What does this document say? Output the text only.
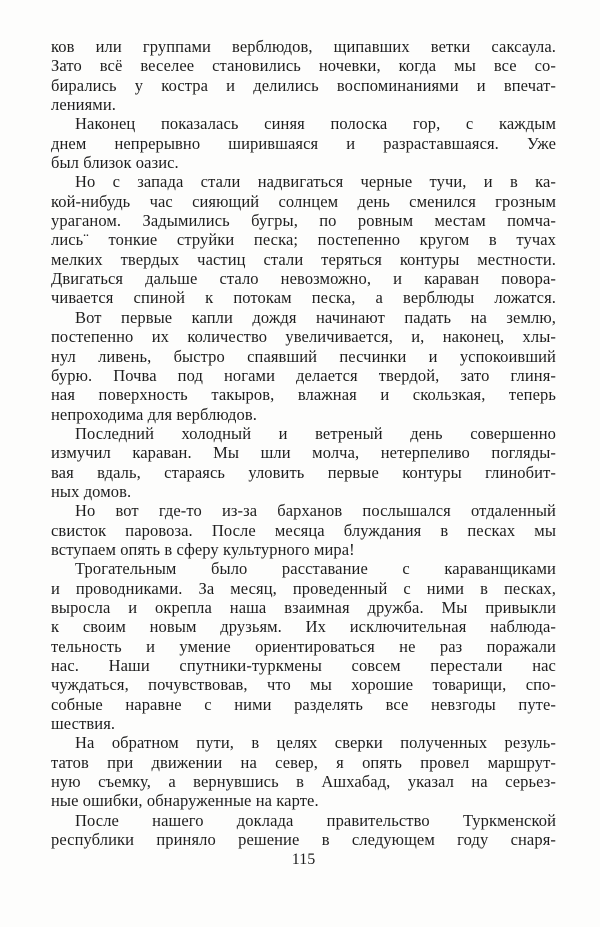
ков или группами верблюдов, щипавших ветки саксаула.
Зато всё веселее становились ночевки, когда мы все со-
бирались у костра и делились воспоминаниями и впечат-
лениями.
Наконец показалась синяя полоска гор, с каждым
днем непрерывно ширившаяся и разраставшаяся. Уже
был близок оазис.
Но с запада стали надвигаться черные тучи, и в ка-
кой-нибудь час сияющий солнцем день сменился грозным
ураганом. Задымились бугры, по ровным местам помча-
лись¨ тонкие струйки песка; постепенно кругом в тучах
мелких твердых частиц стали теряться контуры местности.
Двигаться дальше стало невозможно, и караван повора-
чивается спиной к потокам песка, а верблюды ложатся.
Вот первые капли дождя начинают падать на землю,
постепенно их количество увеличивается, и, наконец, хлы-
нул ливень, быстро спаявший песчинки и успокоивший
бурю. Почва под ногами делается твердой, зато глиня-
ная поверхность такыров, влажная и скользкая, теперь
непроходима для верблюдов.
Последний холодный и ветреный день совершенно
измучил караван. Мы шли молча, нетерпеливо погляды-
вая вдаль, стараясь уловить первые контуры глинобит-
ных домов.
Но вот где-то из-за барханов послышался отдаленный
свисток паровоза. После месяца блуждания в песках мы
вступаем опять в сферу культурного мира!
Трогательным было расставание с караванщиками
и проводниками. За месяц, проведенный с ними в песках,
выросла и окрепла наша взаимная дружба. Мы привыкли
к своим новым друзьям. Их исключительная наблюда-
тельность и умение ориентироваться не раз поражали
нас. Наши спутники-туркмены совсем перестали нас
чуждаться, почувствовав, что мы хорошие товарищи, спо-
собные наравне с ними разделять все невзгоды путе-
шествия.
На обратном пути, в целях сверки полученных резуль-
татов при движении на север, я опять провел маршрут-
ную съемку, а вернувшись в Ашхабад, указал на серьез-
ные ошибки, обнаруженные на карте.
После нашего доклада правительство Туркменской
республики приняло решение в следующем году снаря-
115
